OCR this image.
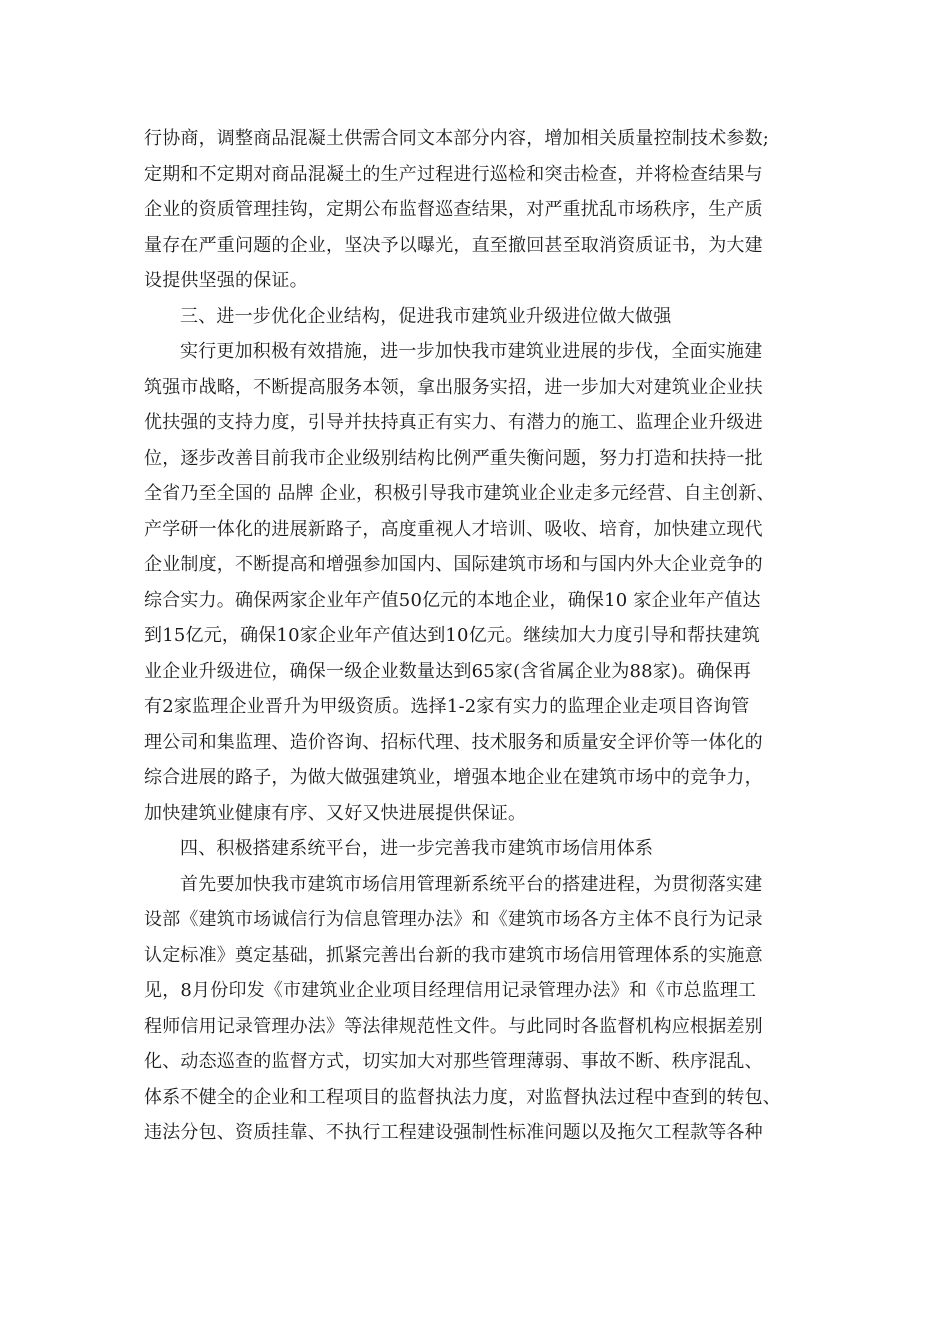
行协商，调整商品混凝土供需合同文本部分内容，增加相关质量控制技术参数;
定期和不定期对商品混凝土的生产过程进行巡检和突击检查，并将检查结果与
企业的资质管理挂钩，定期公布监督巡查结果，对严重扰乱市场秩序，生产质
量存在严重问题的企业，坚决予以曝光，直至撤回甚至取消资质证书，为大建
设提供坚强的保证。
三、进一步优化企业结构，促进我市建筑业升级进位做大做强
实行更加积极有效措施，进一步加快我市建筑业进展的步伐，全面实施建
筑强市战略，不断提高服务本领，拿出服务实招，进一步加大对建筑业企业扶
优扶强的支持力度，引导并扶持真正有实力、有潜力的施工、监理企业升级进
位，逐步改善目前我市企业级别结构比例严重失衡问题，努力打造和扶持一批
全省乃至全国的 品牌 企业，积极引导我市建筑业企业走多元经营、自主创新、
产学研一体化的进展新路子，高度重视人才培训、吸收、培育，加快建立现代
企业制度，不断提高和增强参加国内、国际建筑市场和与国内外大企业竞争的
综合实力。确保两家企业年产值50亿元的本地企业，确保10 家企业年产值达
到15亿元，确保10家企业年产值达到10亿元。继续加大力度引导和帮扶建筑
业企业升级进位，确保一级企业数量达到65家(含省属企业为88家)。确保再
有2家监理企业晋升为甲级资质。选择1-2家有实力的监理企业走项目咨询管
理公司和集监理、造价咨询、招标代理、技术服务和质量安全评价等一体化的
综合进展的路子，为做大做强建筑业，增强本地企业在建筑市场中的竞争力，
加快建筑业健康有序、又好又快进展提供保证。
四、积极搭建系统平台，进一步完善我市建筑市场信用体系
首先要加快我市建筑市场信用管理新系统平台的搭建进程，为贯彻落实建
设部《建筑市场诚信行为信息管理办法》和《建筑市场各方主体不良行为记录
认定标准》奠定基础，抓紧完善出台新的我市建筑市场信用管理体系的实施意
见，8月份印发《市建筑业企业项目经理信用记录管理办法》和《市总监理工
程师信用记录管理办法》等法律规范性文件。与此同时各监督机构应根据差别
化、动态巡查的监督方式，切实加大对那些管理薄弱、事故不断、秩序混乱、
体系不健全的企业和工程项目的监督执法力度，对监督执法过程中查到的转包、
违法分包、资质挂靠、不执行工程建设强制性标准问题以及拖欠工程款等各种
